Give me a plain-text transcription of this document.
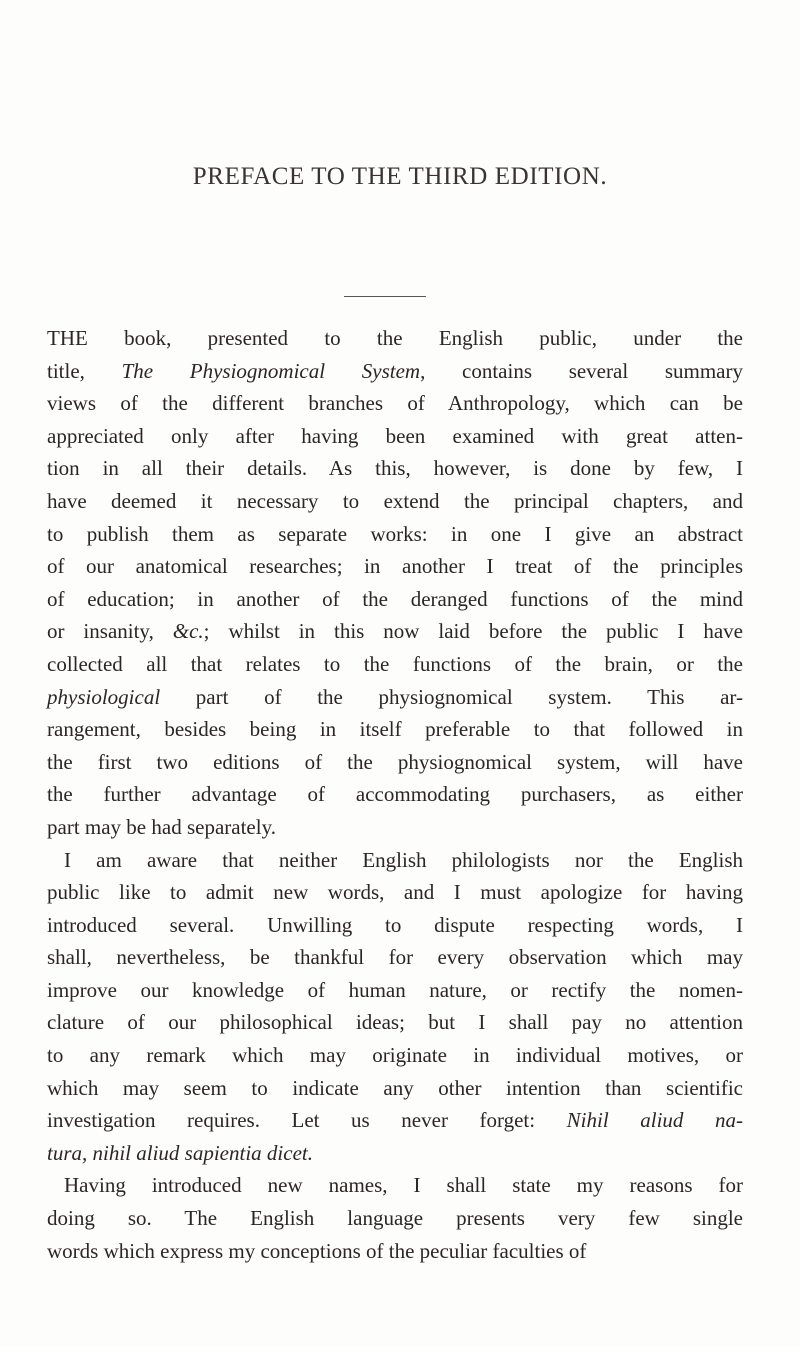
PREFACE TO THE THIRD EDITION.
THE book, presented to the English public, under the
title, The Physiognomical System, contains several summary
views of the different branches of Anthropology, which can be
appreciated only after having been examined with great atten-
tion in all their details. As this, however, is done by few, I
have deemed it necessary to extend the principal chapters, and
to publish them as separate works: in one I give an abstract
of our anatomical researches; in another I treat of the principles
of education; in another of the deranged functions of the mind
or insanity, &c.; whilst in this now laid before the public I have
collected all that relates to the functions of the brain, or the
physiological part of the physiognomical system. This ar-
rangement, besides being in itself preferable to that followed in
the first two editions of the physiognomical system, will have
the further advantage of accommodating purchasers, as either
part may be had separately.
I am aware that neither English philologists nor the English
public like to admit new words, and I must apologize for having
introduced several. Unwilling to dispute respecting words, I
shall, nevertheless, be thankful for every observation which may
improve our knowledge of human nature, or rectify the nomen-
clature of our philosophical ideas; but I shall pay no attention
to any remark which may originate in individual motives, or
which may seem to indicate any other intention than scientific
investigation requires. Let us never forget: Nihil aliud na-
tura, nihil aliud sapientia dicet.
Having introduced new names, I shall state my reasons for
doing so. The English language presents very few single
words which express my conceptions of the peculiar faculties of
